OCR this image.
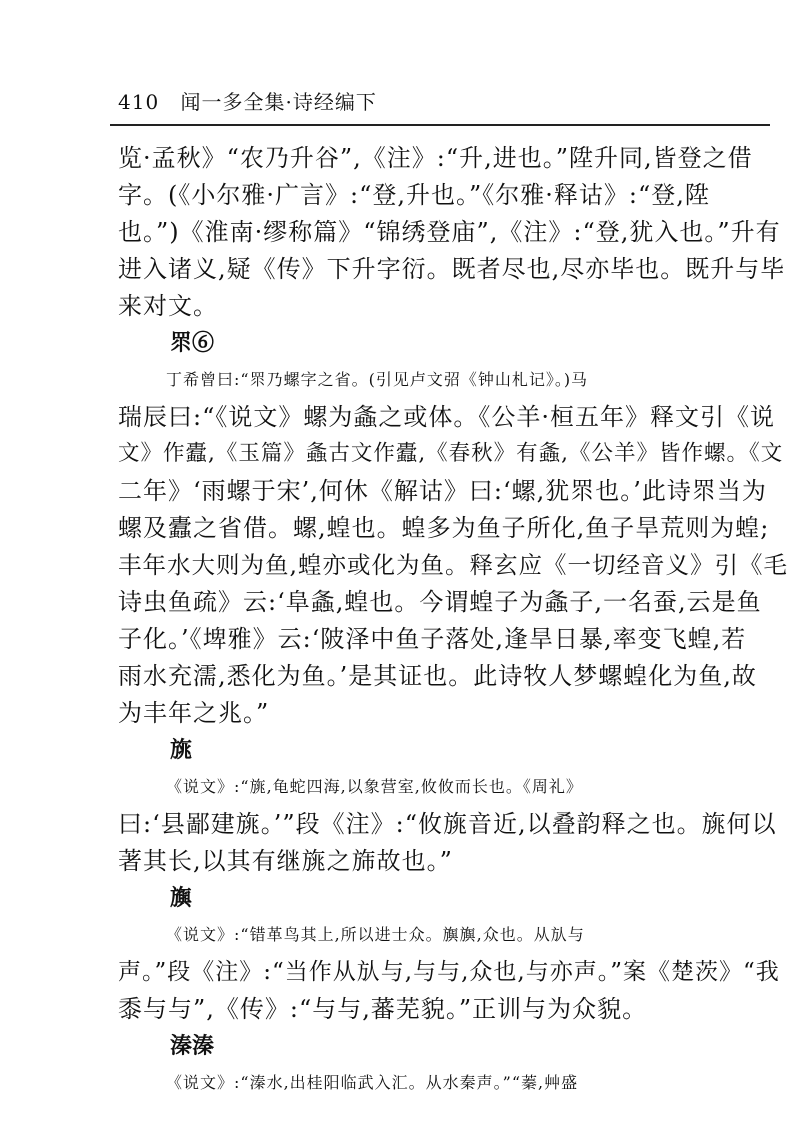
410 闻一多全集·诗经编下
览·孟秋》“农乃升谷”,《注》:“升,进也。”陞升同,皆登之借
字。(《小尔雅·广言》:“登,升也。”《尔雅·释诂》:“登,陞
也。”)《淮南·缪称篇》“锦绣登庙”,《注》:“登,犹入也。”升有
进入诸义,疑《传》下升字衍。既者尽也,尽亦毕也。既升与毕
来对文。
眔⑥
丁希曾曰:“眔乃螺字之省。(引见卢文弨《钟山札记》。)马
瑞辰曰:“《说文》螺为螽之或体。《公羊·桓五年》释文引《说
文》作蠹,《玉篇》螽古文作蠹,《春秋》有螽,《公羊》皆作螺。《文
二年》‘雨螺于宋’,何休《解诂》曰:‘螺,犹眔也。’此诗眔当为
螺及蠹之省借。螺,蝗也。蝗多为鱼子所化,鱼子旱荒则为蝗;
丰年水大则为鱼,蝗亦或化为鱼。释玄应《一切经音义》引《毛
诗虫鱼疏》云:‘阜螽,蝗也。今谓蝗子为螽子,一名蚕,云是鱼
子化。’《埤雅》云:‘陂泽中鱼子落处,逢旱日暴,率变飞蝗,若
雨水充濡,悉化为鱼。’是其证也。此诗牧人梦螺蝗化为鱼,故
为丰年之兆。”
旐
《说文》:“旐,龟蛇四海,以象营室,攸攸而长也。《周礼》
曰:‘县鄙建旐。’”段《注》:“攸旐音近,以叠韵释之也。旐何以
著其长,以其有继旐之旆故也。”
旟
《说文》:“错革鸟其上,所以进士众。旟旟,众也。从㫃与
声。”段《注》:“当作从㫃与,与与,众也,与亦声。”案《楚茨》“我
黍与与”,《传》:“与与,蕃芜貌。”正训与为众貌。
溱溱
《说文》:“溱水,出桂阳临武入汇。从水秦声。”“蓁,艸盛
